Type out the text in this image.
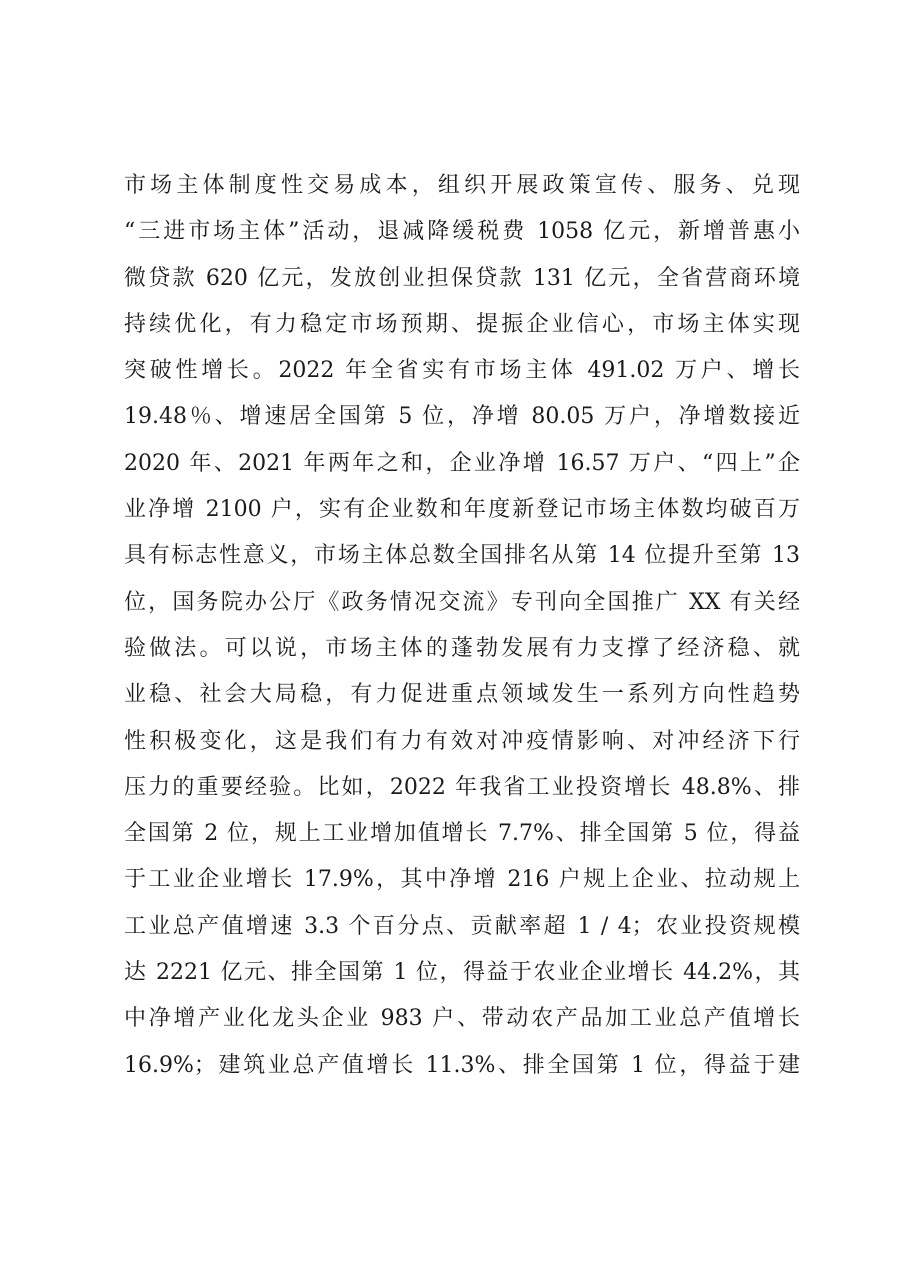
市场主体制度性交易成本，组织开展政策宣传、服务、兑现
“三进市场主体”活动，退减降缓税费 1058 亿元，新增普惠小
微贷款 620 亿元，发放创业担保贷款 131 亿元，全省营商环境
持续优化，有力稳定市场预期、提振企业信心，市场主体实现
突破性增长。2022 年全省实有市场主体 491.02 万户、增长
19.48％、增速居全国第 5 位，净增 80.05 万户，净增数接近
2020 年、2021 年两年之和，企业净增 16.57 万户、“四上”企
业净增 2100 户，实有企业数和年度新登记市场主体数均破百万
具有标志性意义，市场主体总数全国排名从第 14 位提升至第 13
位，国务院办公厅《政务情况交流》专刊向全国推广 XX 有关经
验做法。可以说，市场主体的蓬勃发展有力支撑了经济稳、就
业稳、社会大局稳，有力促进重点领域发生一系列方向性趋势
性积极变化，这是我们有力有效对冲疫情影响、对冲经济下行
压力的重要经验。比如，2022 年我省工业投资增长 48.8%、排
全国第 2 位，规上工业增加值增长 7.7%、排全国第 5 位，得益
于工业企业增长 17.9%，其中净增 216 户规上企业、拉动规上
工业总产值增速 3.3 个百分点、贡献率超 1 / 4；农业投资规模
达 2221 亿元、排全国第 1 位，得益于农业企业增长 44.2%，其
中净增产业化龙头企业 983 户、带动农产品加工业总产值增长
16.9%；建筑业总产值增长 11.3%、排全国第 1 位，得益于建
